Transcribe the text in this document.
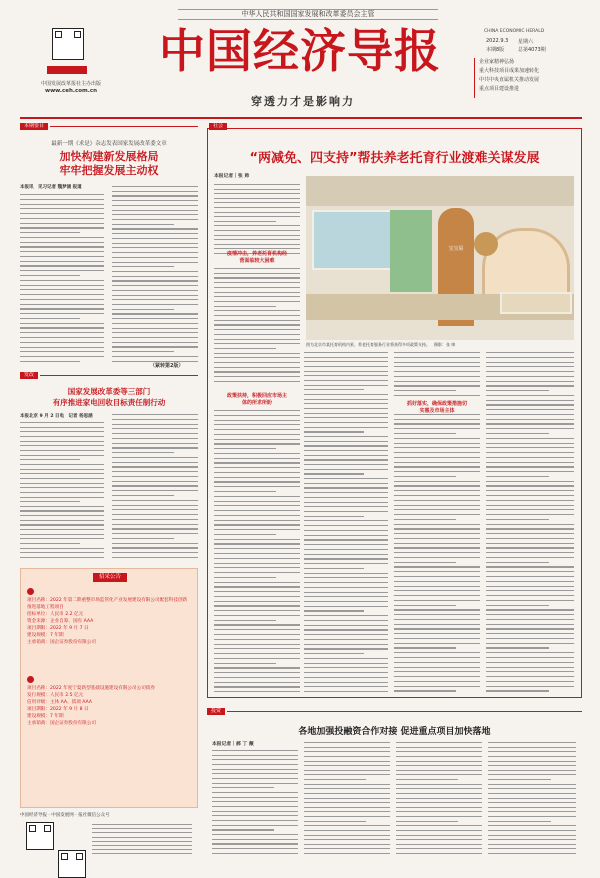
中华人民共和国国家发展和改革委员会主管
中国经济导报
穿透力才是影响力
中国发展改革报社主办出版
www.ceh.com.cn
CHINA ECONOMIC HERALD
2022.9.3 星期六
本期8版	总第4073期
企业家精神弘扬
重大科技项目成果加速转化
中共中央直属机关推动发展
重点项目建设推进
本期要目
最新一期《求是》杂志发表国家发展改革委文章
加快构建新发展格局
牢牢把握发展主动权
本报讯　见习记者 魏梦涵 报道
（紧转第2版）
发改
国家发展改革委等三部门
有序推进家电回收目标责任制行动
本报北京 9 月 2 日电　记者 杨思涵
招采公告
项目名称：2022 年第二期重整市场监管化产业发展建设有限公司配套科技创新推进落地工程项目
招标单位：人民币 2.2 亿元
资金来源：企业自筹、国有 AAA
项目期限：2022 年 9 月 7 日
建设规模：7 年期
主承销商：国企证券股份有限公司
项目名称：2022 年度宁夏新型基础设施建设有限公司公司债券
发行规模：人民币 2.5 亿元
信用评级：主体 AA、债项 AAA
项目期限：2022 年 9 月 8 日
建设规模：7 年期
主承销商：国企证券股份有限公司
中国经济导报 · 中国发展网 · 报社微信公众号
社会
“两减免、四支持”帮扶养老托育行业渡难关谋发展
本报记者｜张 帅
疫情冲击，养老托育机构经
营面临较大困难
宝宝屋
图为北京市某托育机构内景，养老托育服务行业将获得多项政策支持。　摄影：张 帅
政策扶持，积极回应市场主
体的所求所盼	抓好落实，确保政策措施切
实惠及市场主体
投资
各地加强投融资合作对接 促进重点项目加快落地
本报记者｜郝 丁 薇
